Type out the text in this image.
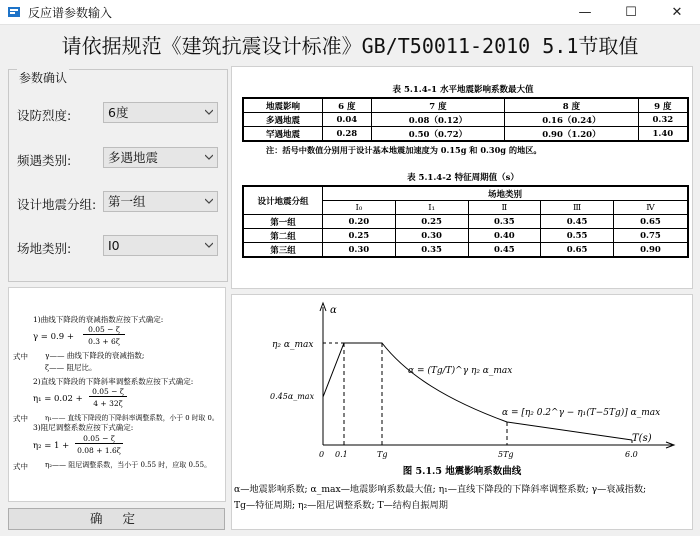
反应谱参数输入	—	☐	✕
请依据规范《建筑抗震设计标准》GB/T50011-2010 5.1节取值
参数确认
设防烈度:	6度
频遇类别:	多遇地震
设计地震分组: 第一组
场地类别:	I0
1)曲线下降段的衰减指数应按下式确定:
γ = 0.9 +
0.05 − ζ
0.3 + 6ζ
式中 γ—— 曲线下降段的衰减指数;
ζ—— 阻尼比。
2)直线下降段的下降斜率调整系数应按下式确定:
η₁ = 0.02 +
0.05 − ζ
4 + 32ζ
式中	η₁—— 直线下降段的下降斜率调整系数，小于 0 时取 0。
3)阻尼调整系数应按下式确定:
η₂ = 1 +
0.05 − ζ
0.08 + 1.6ζ
式中 η₂—— 阻尼调整系数，当小于 0.55 时，应取 0.55。
确 定
表 5.1.4-1 水平地震影响系数最大值
地震影响	6 度	7 度	8 度	9 度
多遇地震	0.04	0.08（0.12）	0.16（0.24）	0.32
罕遇地震	0.28	0.50（0.72）	0.90（1.20）	1.40
注：括号中数值分别用于设计基本地震加速度为 0.15g 和 0.30g 的地区。
表 5.1.4-2 特征周期值（s）
设计地震分组	场地类别				
	I₀	I₁	Ⅱ	Ⅲ	Ⅳ
第一组	0.20	0.25	0.35	0.45	0.65
第二组	0.25	0.30	0.40	0.55	0.75
第三组	0.30	0.35	0.45	0.65	0.90
α
T(s)
η₂ α_max
0.45α_max
α = (Tg/T)^γ η₂ α_max
α = [η₂ 0.2^γ − η₁(T−5Tg)] α_max
0 0.1	Tg	5Tg	6.0
图 5.1.5 地震影响系数曲线
α—地震影响系数; α_max—地震影响系数最大值; η₁—直线下降段的下降斜率调整系数; γ—衰减指数;
Tg—特征周期; η₂—阻尼调整系数; T—结构自振周期
